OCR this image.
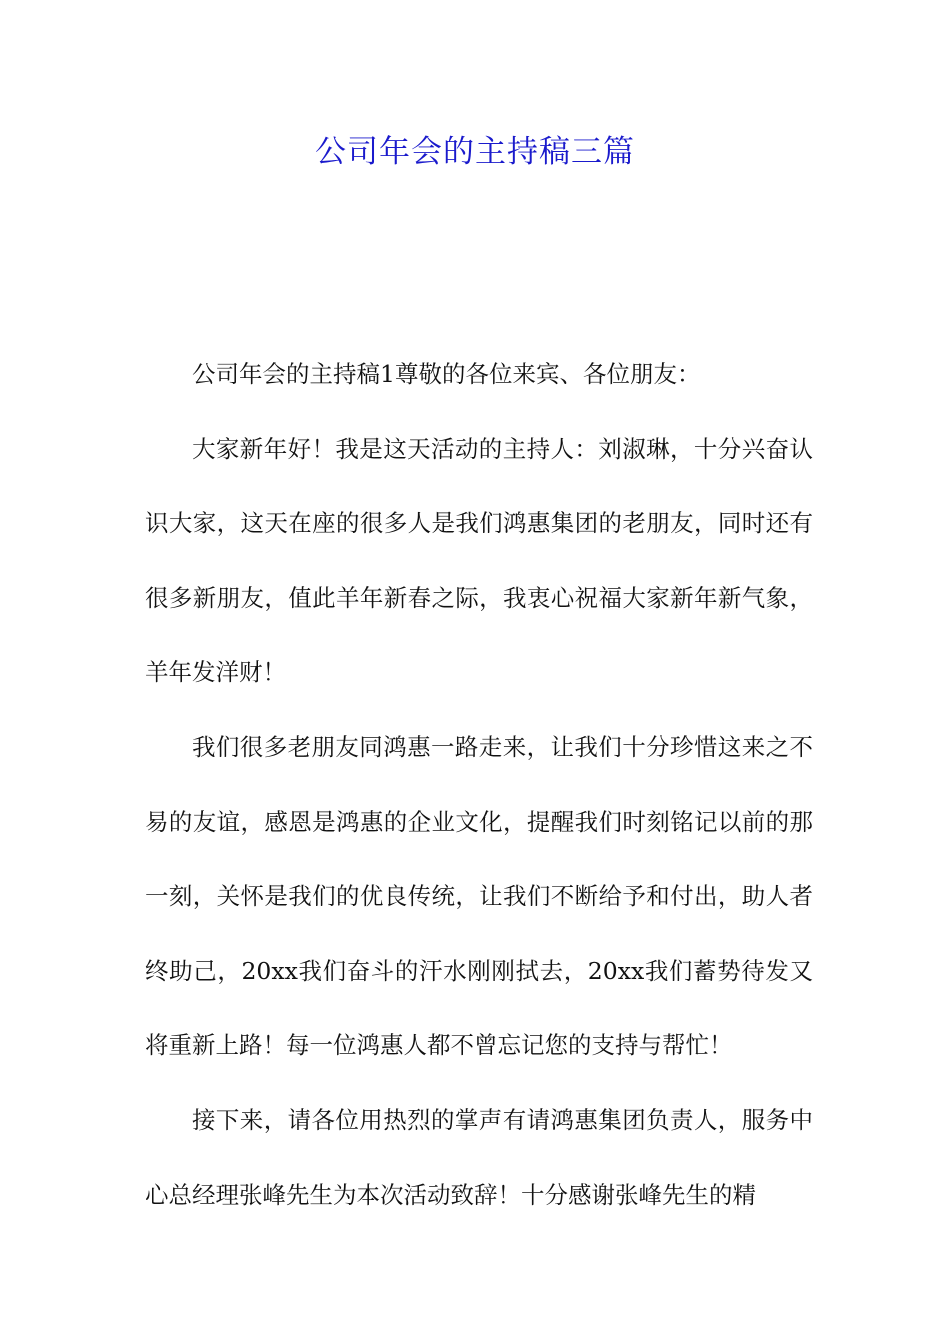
公司年会的主持稿三篇

公司年会的主持稿1尊敬的各位来宾、各位朋友：

大家新年好！我是这天活动的主持人：刘淑琳，十分兴奋认识大家，这天在座的很多人是我们鸿惠集团的老朋友，同时还有很多新朋友，值此羊年新春之际，我衷心祝福大家新年新气象，羊年发洋财！

我们很多老朋友同鸿惠一路走来，让我们十分珍惜这来之不易的友谊，感恩是鸿惠的企业文化，提醒我们时刻铭记以前的那一刻，关怀是我们的优良传统，让我们不断给予和付出，助人者终助己，20xx我们奋斗的汗水刚刚拭去，20xx我们蓄势待发又将重新上路！每一位鸿惠人都不曾忘记您的支持与帮忙！

接下来，请各位用热烈的掌声有请鸿惠集团负责人，服务中心总经理张峰先生为本次活动致辞！十分感谢张峰先生的精
